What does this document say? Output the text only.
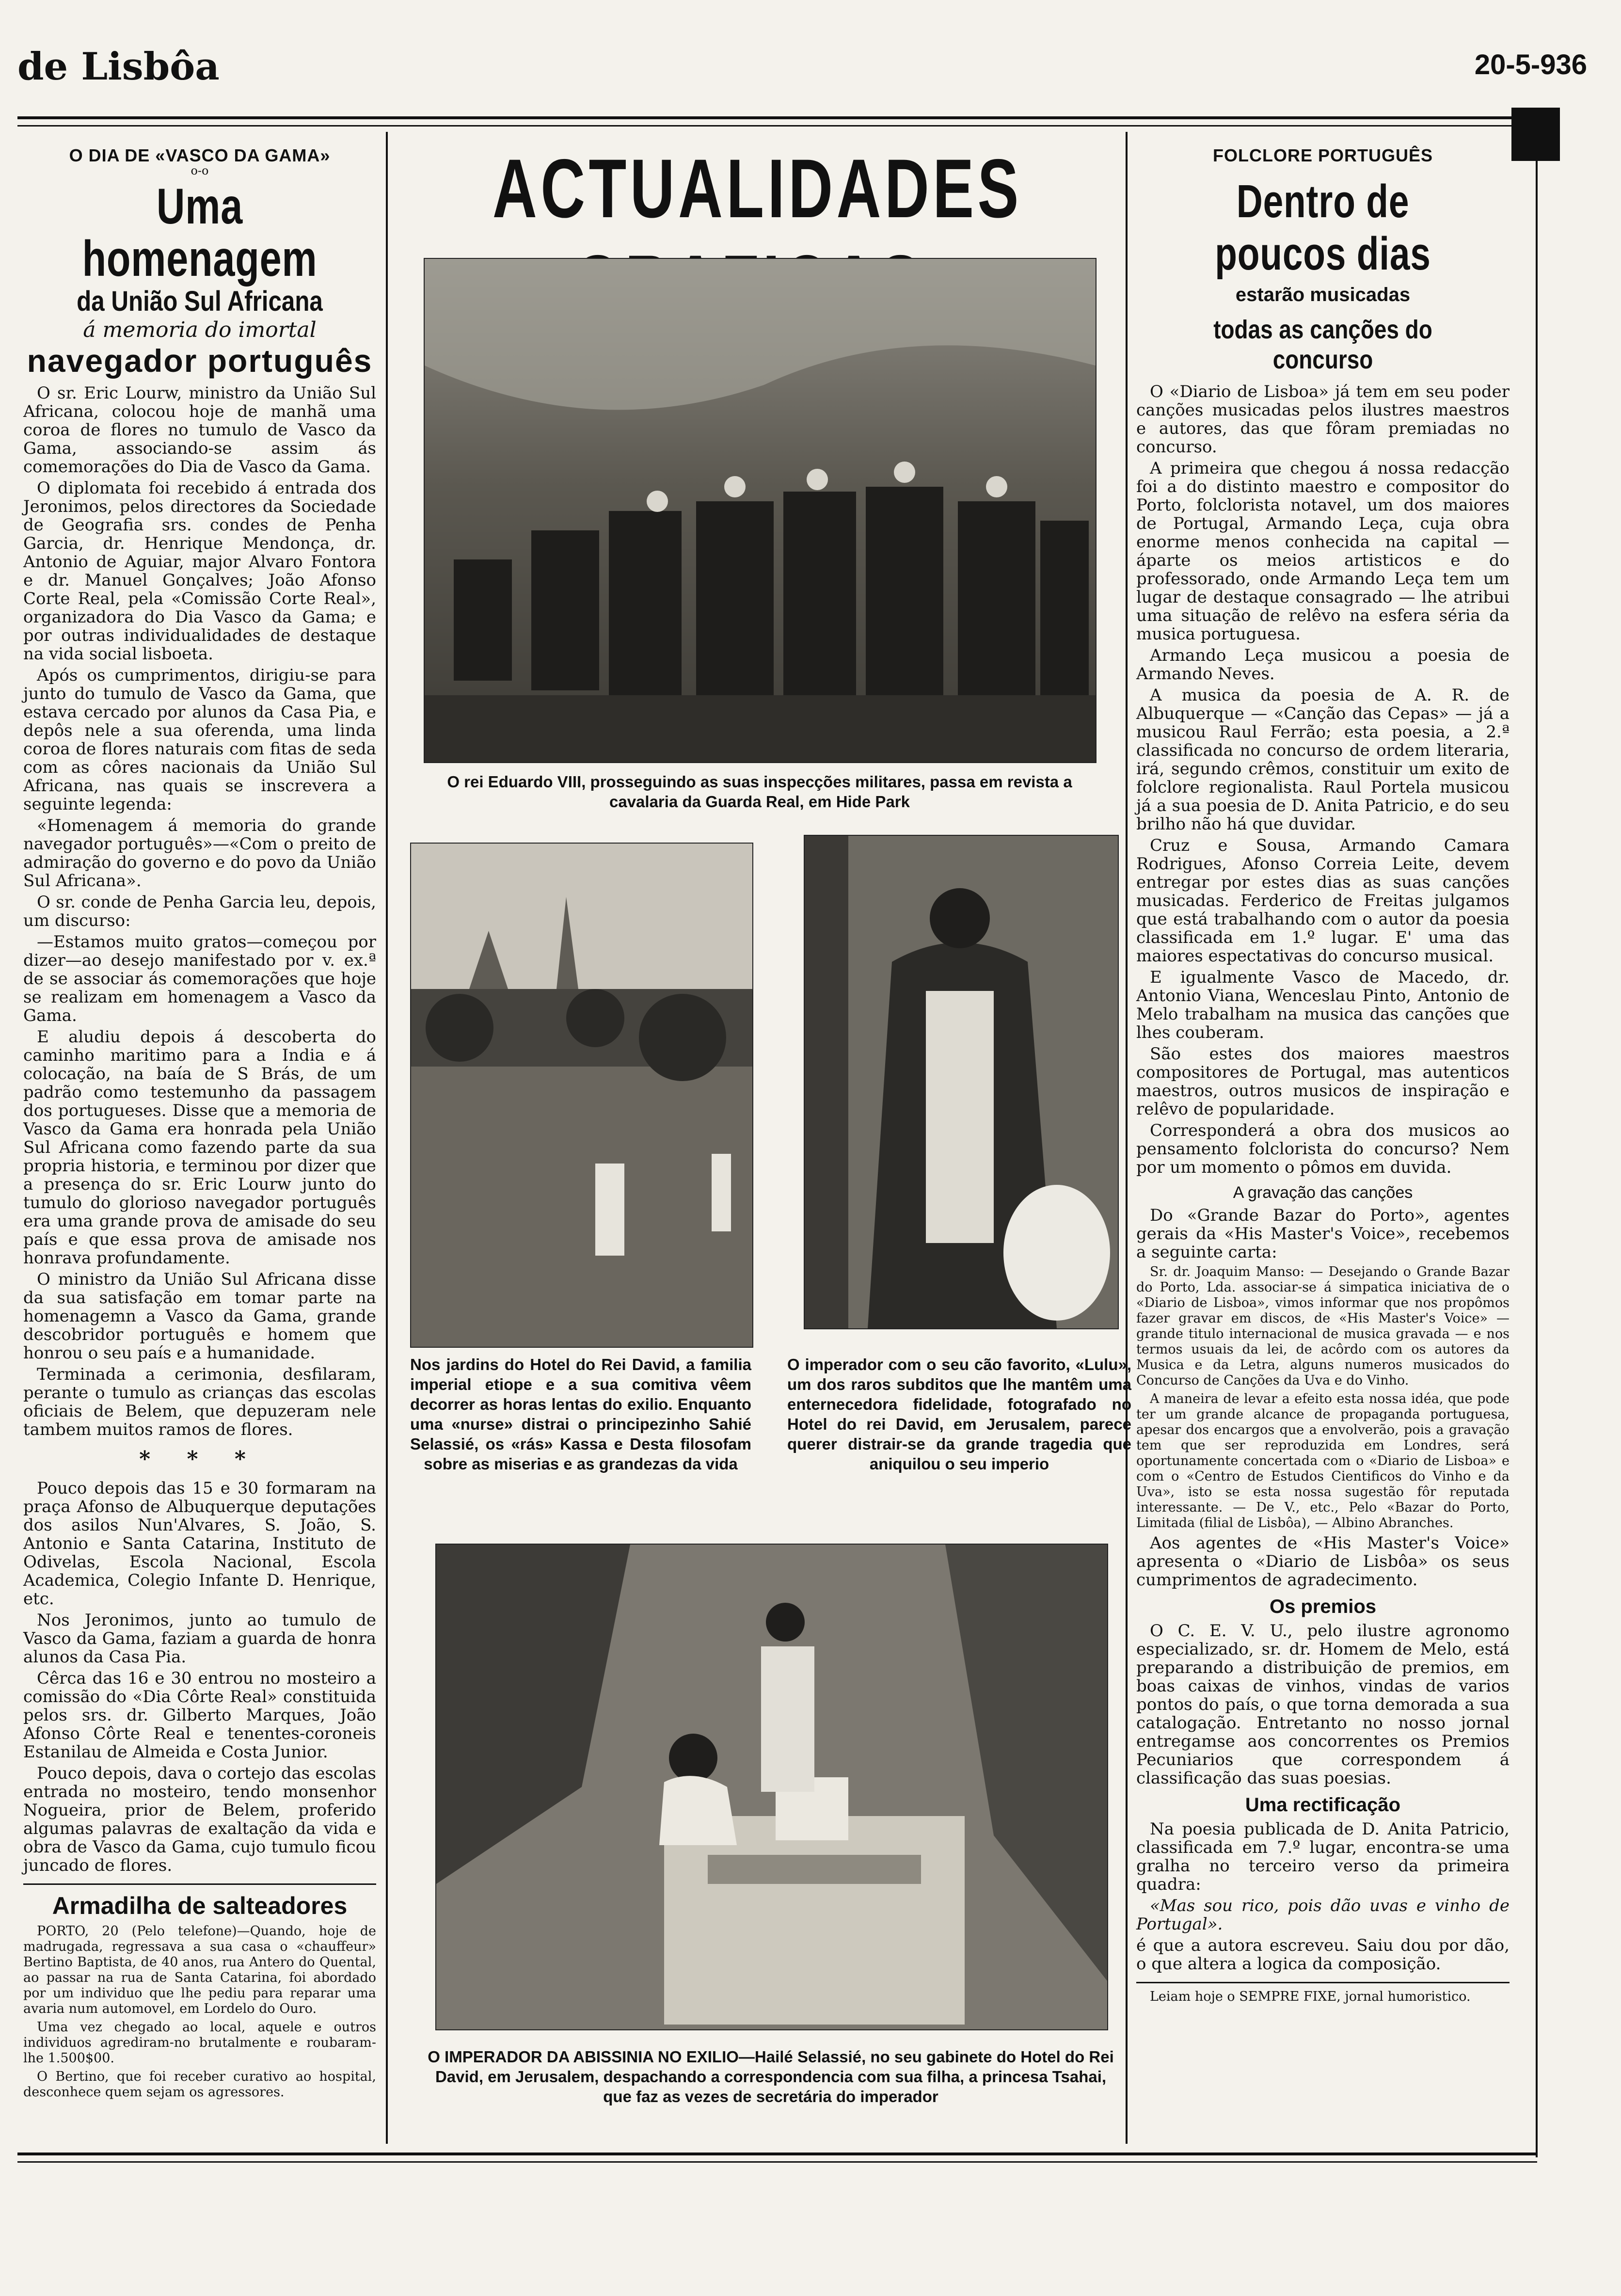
de Lisbôa	20-5-936
O DIA DE «VASCO DA GAMA»
o-o
Uma homenagem
da União Sul Africana
á memoria do imortal
navegador português

O sr. Eric Lourw, ministro da União Sul Africana, colocou hoje de manhã uma coroa de flores no tumulo de Vasco da Gama, associando-se assim ás comemorações do Dia de Vasco da Gama.

O diplomata foi recebido á entrada dos Jeronimos, pelos directores da Sociedade de Geografia srs. condes de Penha Garcia, dr. Henrique Mendonça, dr. Antonio de Aguiar, major Alvaro Fontora e dr. Manuel Gonçalves; João Afonso Corte Real, pela «Comissão Corte Real», organizadora do Dia Vasco da Gama; e por outras individualidades de destaque na vida social lisboeta.

Após os cumprimentos, dirigiu-se para junto do tumulo de Vasco da Gama, que estava cercado por alunos da Casa Pia, e depôs nele a sua oferenda, uma linda coroa de flores naturais com fitas de seda com as côres nacionais da União Sul Africana, nas quais se inscrevera a seguinte legenda:

«Homenagem á memoria do grande navegador português»—«Com o preito de admiração do governo e do povo da União Sul Africana».

O sr. conde de Penha Garcia leu, depois, um discurso:

—Estamos muito gratos—começou por dizer—ao desejo manifestado por v. ex.ª de se associar ás comemorações que hoje se realizam em homenagem a Vasco da Gama.

E aludiu depois á descoberta do caminho maritimo para a India e á colocação, na baía de S Brás, de um padrão como testemunho da passagem dos portugueses. Disse que a memoria de Vasco da Gama era honrada pela União Sul Africana como fazendo parte da sua propria historia, e terminou por dizer que a presença do sr. Eric Lourw junto do tumulo do glorioso navegador português era uma grande prova de amisade do seu país e que essa prova de amisade nos honrava profundamente.

O ministro da União Sul Africana disse da sua satisfação em tomar parte na homenagemn a Vasco da Gama, grande descobridor português e homem que honrou o seu país e a humanidade.

Terminada a cerimonia, desfilaram, perante o tumulo as crianças das escolas oficiais de Belem, que depuzeram nele tambem muitos ramos de flores.

* * *

Pouco depois das 15 e 30 formaram na praça Afonso de Albuquerque deputações dos asilos Nun'Alvares, S. João, S. Antonio e Santa Catarina, Instituto de Odivelas, Escola Nacional, Escola Academica, Colegio Infante D. Henrique, etc.

Nos Jeronimos, junto ao tumulo de Vasco da Gama, faziam a guarda de honra alunos da Casa Pia.

Cêrca das 16 e 30 entrou no mosteiro a comissão do «Dia Côrte Real» constituida pelos srs. dr. Gilberto Marques, João Afonso Côrte Real e tenentes-coroneis Estanilau de Almeida e Costa Junior.

Pouco depois, dava o cortejo das escolas entrada no mosteiro, tendo monsenhor Nogueira, prior de Belem, proferido algumas palavras de exaltação da vida e obra de Vasco da Gama, cujo tumulo ficou juncado de flores.

Armadilha de salteadores

PORTO, 20 (Pelo telefone)—Quando, hoje de madrugada, regressava a sua casa o «chauffeur» Bertino Baptista, de 40 anos, rua Antero do Quental, ao passar na rua de Santa Catarina, foi abordado por um individuo que lhe pediu para reparar uma avaria num automovel, em Lordelo do Ouro.

Uma vez chegado ao local, aquele e outros individuos agrediram-no brutalmente e roubaram-lhe 1.500$00.

O Bertino, que foi receber curativo ao hospital, desconhece quem sejam os agressores.

ACTUALIDADES
O rei Eduardo VIII, prosseguindo as suas inspecções militares, passa em revista a cavalaria da Guarda Real, em Hide Park
Nos jardins do Hotel do Rei David, a familia imperial etiope e a sua comitiva vêem decorrer as horas lentas do exilio. Enquanto uma «nurse» distrai o principezinho Sahié Selassié, os «rás» Kassa e Desta filosofam sobre as miserias e as grandezas da vida
O imperador com o seu cão favorito, «Lulu», um dos raros subditos que lhe mantêm uma enternecedora fidelidade, fotografado no Hotel do rei David, em Jerusalem, parece querer distrair-se da grande tragedia que aniquilou o seu imperio
O IMPERADOR DA ABISSINIA NO EXILIO—Hailé Selassié, no seu gabinete do Hotel do Rei David, em Jerusalem, despachando a correspondencia com sua filha, a princesa Tsahai, que faz as vezes de secretária do imperador
FOLCLORE PORTUGUÊS
Dentro de poucos dias
estarão musicadas
todas as canções do concurso

O «Diario de Lisboa» já tem em seu poder canções musicadas pelos ilustres maestros e autores, das que fôram premiadas no concurso.

A primeira que chegou á nossa redacção foi a do distinto maestro e compositor do Porto, folclorista notavel, um dos maiores de Portugal, Armando Leça, cuja obra enorme menos conhecida na capital — áparte os meios artisticos e do professorado, onde Armando Leça tem um lugar de destaque consagrado — lhe atribui uma situação de relêvo na esfera séria da musica portuguesa.

Armando Leça musicou a poesia de Armando Neves.

A musica da poesia de A. R. de Albuquerque — «Canção das Cepas» — já a musicou Raul Ferrão; esta poesia, a 2.ª classificada no concurso de ordem literaria, irá, segundo crêmos, constituir um exito de folclore regionalista. Raul Portela musicou já a sua poesia de D. Anita Patricio, e do seu brilho não há que duvidar.

Cruz e Sousa, Armando Camara Rodrigues, Afonso Correia Leite, devem entregar por estes dias as suas canções musicadas. Ferderico de Freitas julgamos que está trabalhando com o autor da poesia classificada em 1.º lugar. E' uma das maiores espectativas do concurso musical.

E igualmente Vasco de Macedo, dr. Antonio Viana, Wenceslau Pinto, Antonio de Melo trabalham na musica das canções que lhes couberam.

São estes dos maiores maestros compositores de Portugal, mas autenticos maestros, outros musicos de inspiração e relêvo de popularidade.

Corresponderá a obra dos musicos ao pensamento folclorista do concurso? Nem por um momento o pômos em duvida.

A gravação das canções

Do «Grande Bazar do Porto», agentes gerais da «His Master's Voice», recebemos a seguinte carta:

Sr. dr. Joaquim Manso: — Desejando o Grande Bazar do Porto, Lda. associar-se á simpatica iniciativa de o «Diario de Lisboa», vimos informar que nos propômos fazer gravar em discos, de «His Master's Voice» — grande titulo internacional de musica gravada — e nos termos usuais da lei, de acôrdo com os autores da Musica e da Letra, alguns numeros musicados do Concurso de Canções da Uva e do Vinho.

A maneira de levar a efeito esta nossa idéa, que pode ter um grande alcance de propaganda portuguesa, apesar dos encargos que a envolverão, pois a gravação tem que ser reproduzida em Londres, será oportunamente concertada com o «Diario de Lisboa» e com o «Centro de Estudos Cientificos do Vinho e da Uva», isto se esta nossa sugestão fôr reputada interessante. — De V., etc., Pelo «Bazar do Porto, Limitada (filial de Lisbôa), — Albino Abranches.

Aos agentes de «His Master's Voice» apresenta o «Diario de Lisbôa» os seus cumprimentos de agradecimento.

Os premios

O C. E. V. U., pelo ilustre agronomo especializado, sr. dr. Homem de Melo, está preparando a distribuição de premios, em boas caixas de vinhos, vindas de varios pontos do país, o que torna demorada a sua catalogação. Entretanto no nosso jornal entregamse aos concorrentes os Premios Pecuniarios que correspondem á classificação das suas poesias.

Uma rectificação

Na poesia publicada de D. Anita Patricio, classificada em 7.º lugar, encontra-se uma gralha no terceiro verso da primeira quadra:

«Mas sou rico, pois dão uvas e vinho de Portugal».

é que a autora escreveu. Saiu dou por dão, o que altera a logica da composição.

Leiam hoje o SEMPRE FIXE, jornal humoristico.
